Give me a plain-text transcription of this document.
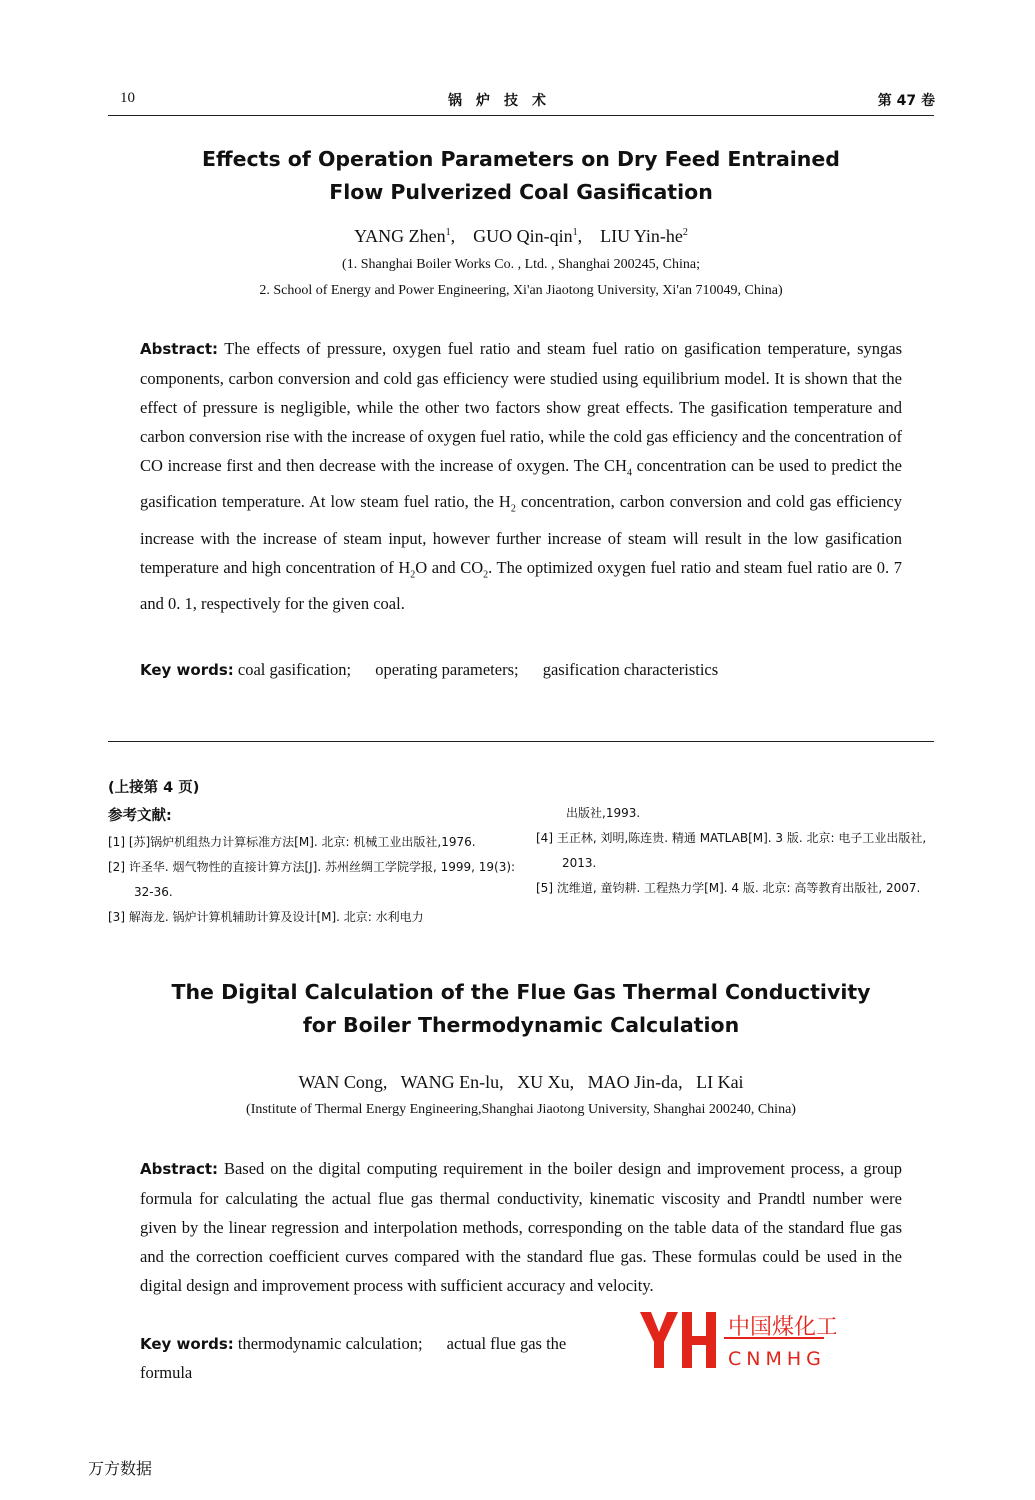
10	锅炉技术	第 47 卷
Effects of Operation Parameters on Dry Feed Entrained
Flow Pulverized Coal Gasification
YANG Zhen$^1$,    GUO Qin-qin$^1$,    LIU Yin-$he^2$
(1. Shanghai Boiler Works Co. , Ltd. , Shanghai 200245, China;
2. School of Energy and Power Engineering, Xi'an Jiaotong University, Xi'an 710049, China)

Abstract: The effects of pressure, oxygen fuel ratio and steam fuel ratio on gasification temperature, syngas components, carbon conversion and cold gas efficiency were studied using equilibrium model. It is shown that the effect of pressure is negligible, while the other two factors show great effects. The gasification temperature and carbon conversion rise with the increase of oxygen fuel ratio, while the cold gas efficiency and the concentration of CO increase first and then decrease with the increase of oxygen. The $CH_4$ concentration can be used to predict the gasification temperature. At low steam fuel ratio, the $H_2$ concentration, carbon conversion and cold gas efficiency increase with the increase of steam input, however further increase of steam will result in the low gasification temperature and high concentration of $H_2O$ and $CO_2$. The optimized oxygen fuel ratio and steam fuel ratio are 0. 7 and 0. 1, respectively for the given coal.

Key words: coal gasification; operating parameters; gasification characteristics
(上接第 4 页)
参考文献:

[1] [苏]锅炉机组热力计算标准方法[M]. 北京: 机械工业出版社,1976.

[2] 许圣华. 烟气物性的直接计算方法[J]. 苏州丝绸工学院学报, 1999, 19(3): 32-36.

[3] 解海龙. 锅炉计算机辅助计算及设计[M]. 北京: 水利电力

出版社,1993.

[4] 王正林, 刘明,陈连贵. 精通 MATLAB[M]. 3 版. 北京: 电子工业出版社, 2013.

[5] 沈维道, 童钧耕. 工程热力学[M]. 4 版. 北京: 高等教育出版社, 2007.

The Digital Calculation of the Flue Gas Thermal Conductivity
for Boiler Thermodynamic Calculation
WAN Cong,   WANG En-lu,   XU Xu,   MAO Jin-da,   LI Kai
(Institute of Thermal Energy Engineering,Shanghai Jiaotong University, Shanghai 200240, China)

Abstract: Based on the digital computing requirement in the boiler design and improvement process, a group formula for calculating the actual flue gas thermal conductivity, kinematic viscosity and Prandtl number were given by the linear regression and interpolation methods, corresponding on the table data of the standard flue gas and the correction coefficient curves compared with the standard flue gas. These formulas could be used in the digital design and improvement process with sufficient accuracy and velocity.

Key words: thermodynamic calculation; actual flue gas the
formula
中国煤化工
CNMHG
万方数据
